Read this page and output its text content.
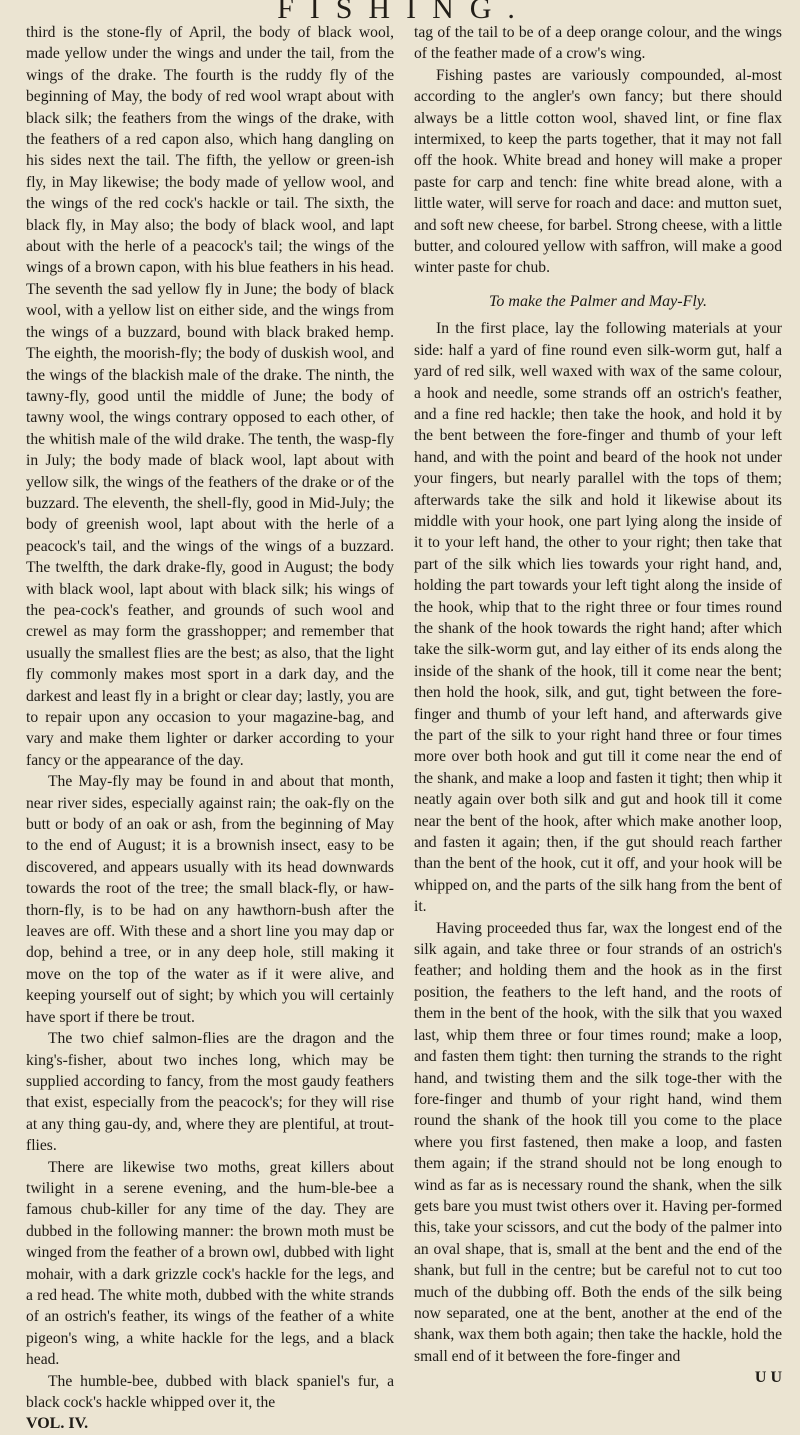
FISHING.

third is the stone-fly of April, the body of black wool, made yellow under the wings and under the tail, from the wings of the drake. The fourth is the ruddy fly of the beginning of May, the body of red wool wrapt about with black silk; the feathers from the wings of the drake, with the feathers of a red capon also, which hang dangling on his sides next the tail. The fifth, the yellow or green-ish fly, in May likewise; the body made of yellow wool, and the wings of the red cock's hackle or tail. The sixth, the black fly, in May also; the body of black wool, and lapt about with the herle of a peacock's tail; the wings of the wings of a brown capon, with his blue feathers in his head. The seventh the sad yellow fly in June; the body of black wool, with a yellow list on either side, and the wings from the wings of a buzzard, bound with black braked hemp. The eighth, the moorish-fly; the body of duskish wool, and the wings of the blackish male of the drake. The ninth, the tawny-fly, good until the middle of June; the body of tawny wool, the wings contrary opposed to each other, of the whitish male of the wild drake. The tenth, the wasp-fly in July; the body made of black wool, lapt about with yellow silk, the wings of the feathers of the drake or of the buzzard. The eleventh, the shell-fly, good in Mid-July; the body of greenish wool, lapt about with the herle of a peacock's tail, and the wings of the wings of a buzzard. The twelfth, the dark drake-fly, good in August; the body with black wool, lapt about with black silk; his wings of the pea-cock's feather, and grounds of such wool and crewel as may form the grasshopper; and remember that usually the smallest flies are the best; as also, that the light fly commonly makes most sport in a dark day, and the darkest and least fly in a bright or clear day; lastly, you are to repair upon any occasion to your magazine-bag, and vary and make them lighter or darker according to your fancy or the appearance of the day.

The May-fly may be found in and about that month, near river sides, especially against rain; the oak-fly on the butt or body of an oak or ash, from the beginning of May to the end of August; it is a brownish insect, easy to be discovered, and appears usually with its head downwards towards the root of the tree; the small black-fly, or haw-thorn-fly, is to be had on any hawthorn-bush after the leaves are off. With these and a short line you may dap or dop, behind a tree, or in any deep hole, still making it move on the top of the water as if it were alive, and keeping yourself out of sight; by which you will certainly have sport if there be trout.

The two chief salmon-flies are the dragon and the king's-fisher, about two inches long, which may be supplied according to fancy, from the most gaudy feathers that exist, especially from the peacock's; for they will rise at any thing gau-dy, and, where they are plentiful, at trout-flies.

There are likewise two moths, great killers about twilight in a serene evening, and the hum-ble-bee a famous chub-killer for any time of the day. They are dubbed in the following manner: the brown moth must be winged from the feather of a brown owl, dubbed with light mohair, with a dark grizzle cock's hackle for the legs, and a red head. The white moth, dubbed with the white strands of an ostrich's feather, its wings of the feather of a white pigeon's wing, a white hackle for the legs, and a black head.

The humble-bee, dubbed with black spaniel's fur, a black cock's hackle whipped over it, the

VOL. IV.

tag of the tail to be of a deep orange colour, and the wings of the feather made of a crow's wing.

Fishing pastes are variously compounded, al-most according to the angler's own fancy; but there should always be a little cotton wool, shaved lint, or fine flax intermixed, to keep the parts together, that it may not fall off the hook. White bread and honey will make a proper paste for carp and tench: fine white bread alone, with a little water, will serve for roach and dace: and mutton suet, and soft new cheese, for barbel. Strong cheese, with a little butter, and coloured yellow with saffron, will make a good winter paste for chub.

To make the Palmer and May-Fly.

In the first place, lay the following materials at your side: half a yard of fine round even silk-worm gut, half a yard of red silk, well waxed with wax of the same colour, a hook and needle, some strands off an ostrich's feather, and a fine red hackle; then take the hook, and hold it by the bent between the fore-finger and thumb of your left hand, and with the point and beard of the hook not under your fingers, but nearly parallel with the tops of them; afterwards take the silk and hold it likewise about its middle with your hook, one part lying along the inside of it to your left hand, the other to your right; then take that part of the silk which lies towards your right hand, and, holding the part towards your left tight along the inside of the hook, whip that to the right three or four times round the shank of the hook towards the right hand; after which take the silk-worm gut, and lay either of its ends along the inside of the shank of the hook, till it come near the bent; then hold the hook, silk, and gut, tight between the fore-finger and thumb of your left hand, and afterwards give the part of the silk to your right hand three or four times more over both hook and gut till it come near the end of the shank, and make a loop and fasten it tight; then whip it neatly again over both silk and gut and hook till it come near the bent of the hook, after which make another loop, and fasten it again; then, if the gut should reach farther than the bent of the hook, cut it off, and your hook will be whipped on, and the parts of the silk hang from the bent of it.

Having proceeded thus far, wax the longest end of the silk again, and take three or four strands of an ostrich's feather; and holding them and the hook as in the first position, the feathers to the left hand, and the roots of them in the bent of the hook, with the silk that you waxed last, whip them three or four times round; make a loop, and fasten them tight: then turning the strands to the right hand, and twisting them and the silk toge-ther with the fore-finger and thumb of your right hand, wind them round the shank of the hook till you come to the place where you first fastened, then make a loop, and fasten them again; if the strand should not be long enough to wind as far as is necessary round the shank, when the silk gets bare you must twist others over it. Having per-formed this, take your scissors, and cut the body of the palmer into an oval shape, that is, small at the bent and the end of the shank, but full in the centre; but be careful not to cut too much of the dubbing off. Both the ends of the silk being now separated, one at the bent, another at the end of the shank, wax them both again; then take the hackle, hold the small end of it between the fore-finger and

U U
